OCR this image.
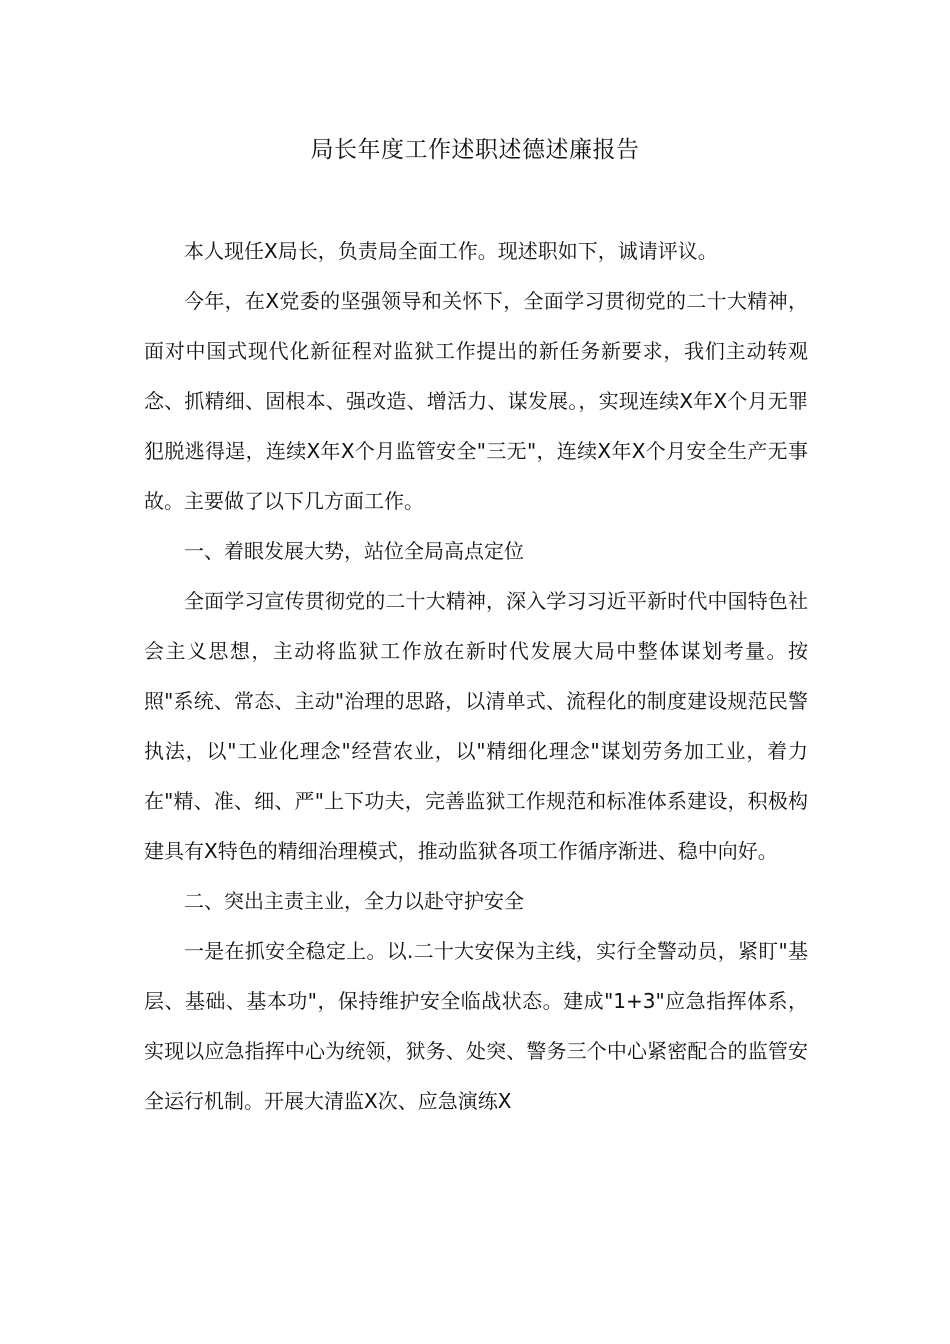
局长年度工作述职述德述廉报告

本人现任X局长，负责局全面工作。现述职如下，诚请评议。

今年，在X党委的坚强领导和关怀下，全面学习贯彻党的二十大精神，面对中国式现代化新征程对监狱工作提出的新任务新要求，我们主动转观念、抓精细、固根本、强改造、增活力、谋发展。，实现连续X年X个月无罪犯脱逃得逞，连续X年X个月监管安全"三无"，连续X年X个月安全生产无事故。主要做了以下几方面工作。

一、着眼发展大势，站位全局高点定位

全面学习宣传贯彻党的二十大精神，深入学习习近平新时代中国特色社会主义思想，主动将监狱工作放在新时代发展大局中整体谋划考量。按照"系统、常态、主动"治理的思路，以清单式、流程化的制度建设规范民警执法，以"工业化理念"经营农业，以"精细化理念"谋划劳务加工业，着力在"精、准、细、严"上下功夫，完善监狱工作规范和标准体系建设，积极构建具有X特色的精细治理模式，推动监狱各项工作循序渐进、稳中向好。

二、突出主责主业，全力以赴守护安全

一是在抓安全稳定上。以.二十大安保为主线，实行全警动员，紧盯"基层、基础、基本功"，保持维护安全临战状态。建成"1+3"应急指挥体系，实现以应急指挥中心为统领，狱务、处突、警务三个中心紧密配合的监管安全运行机制。开展大清监X次、应急演练X
